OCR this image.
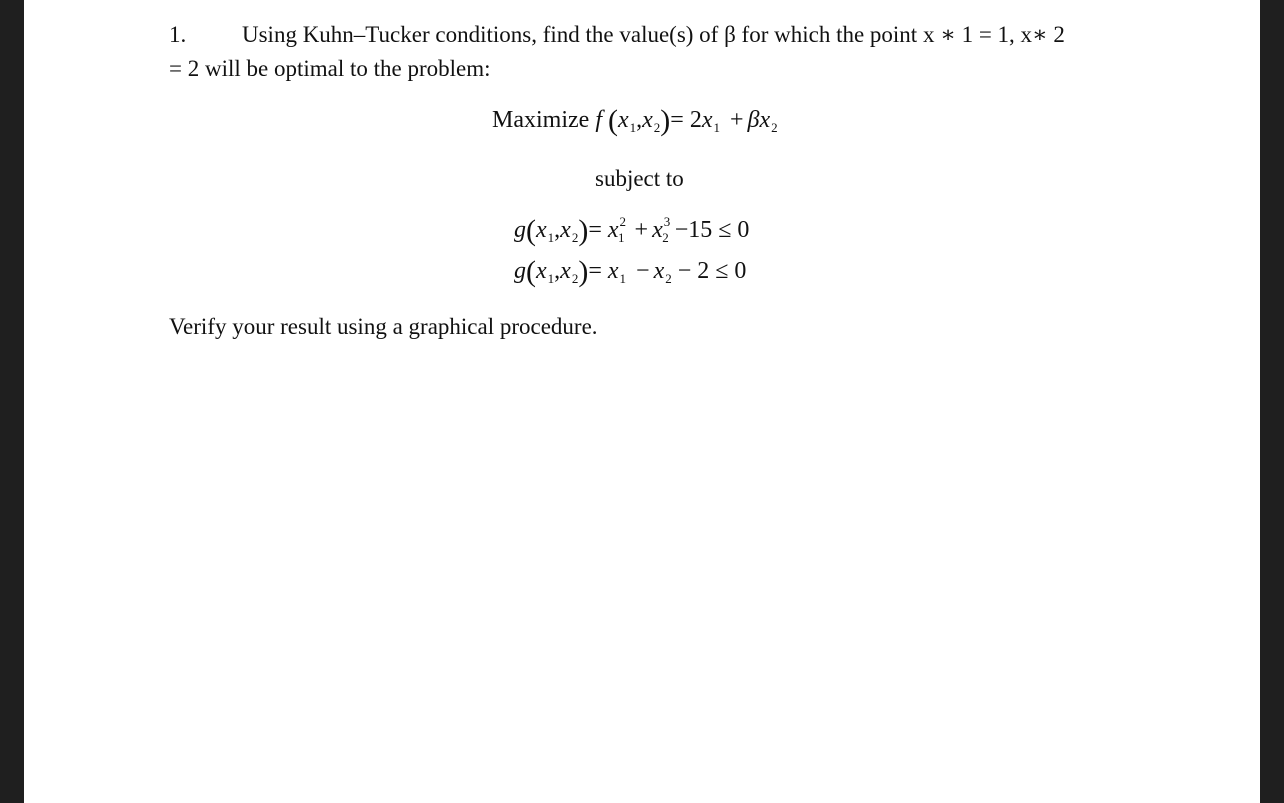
1. Using Kuhn–Tucker conditions, find the value(s) of β for which the point x ∗ 1 = 1, x∗ 2
= 2 will be optimal to the problem:
Maximize f $(x_1,x_2)= 2x_1 + \beta x_2$
subject to
$g(x_1,x_2)= x^2_1 + x^3_2 -15 \le 0$
$g(x_1,x_2)= x_1 - x_2 - 2 \le 0$
Verify your result using a graphical procedure.
